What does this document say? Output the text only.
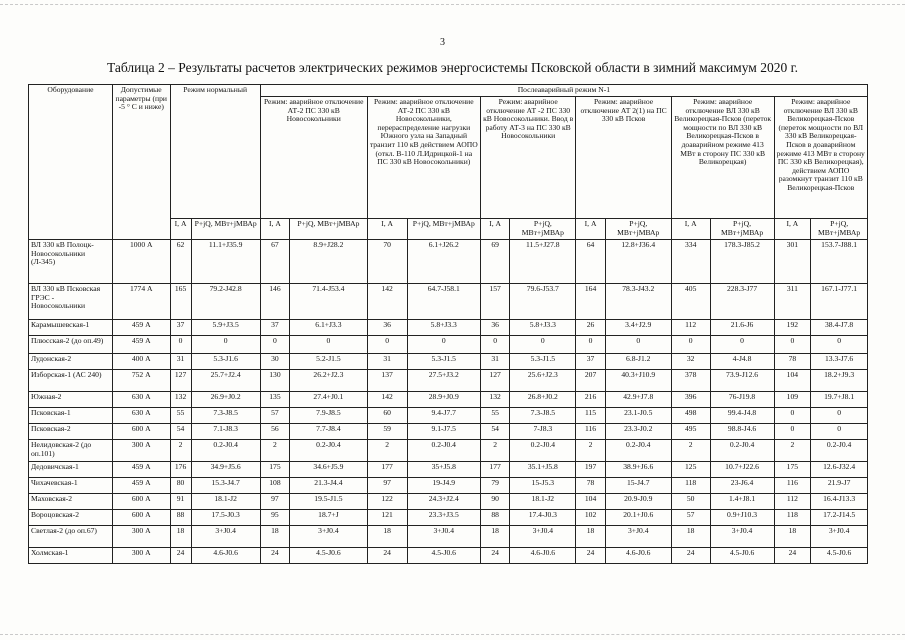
3
Таблица 2 – Результаты расчетов электрических режимов энергосистемы Псковской области в зимний максимум 2020 г.
Оборудование	Допустимые параметры (при -5 ° С и ниже)	Режим нормальный		Послеаварийный режим N-1											
				Режим: аварийное отключение АТ-2 ПС 330 кВ Новосокольники		Режим: аварийное отключение АТ-2 ПС 330 кВ Новосокольники, перераспределение нагрузки Южного узла на Западный транзит 110 кВ действием АОПО (откл. В-110 Л.Идрицкой-1 на ПС 330 кВ Новосокольники)		Режим: аварийное отключение АТ -2 ПС 330 кВ Новосокольники. Ввод в работу АТ-3 на ПС 330 кВ Новосокольники		Режим: аварийное отключение АТ 2(1) на ПС 330 кВ Псков		Режим: аварийное отключение ВЛ 330 кВ Великорецкая-Псков (переток мощности по ВЛ 330 кВ Великорецкая-Псков в доаварийном режиме 413 МВт в сторону ПС 330 кВ Великорецкая)		Режим: аварийное отключение ВЛ 330 кВ Великорецкая-Псков (переток мощности по ВЛ 330 кВ Великорецкая-Псков в доаварийном режиме 413 МВт в сторону ПС 330 кВ Великорецкая), действием АОПО разомкнут транзит 110 кВ Великорецкая-Псков	
		I, А	P+jQ, МВт+jМВАр	I, А	P+jQ, МВт+jМВАр	I, А	P+jQ, МВт+jМВАр	I, А	P+jQ, МВт+jМВАр	I, А	P+jQ, МВт+jМВАр	I, А	P+jQ, МВт+jМВАр	I, А	P+jQ, МВт+jМВАр
ВЛ 330 кВ Полоцк-Новосокольники (Л-345)	1000 А	62	11.1+J35.9	67	8.9+J28.2	70	6.1+J26.2	69	11.5+J27.8	64	12.8+J36.4	334	178.3-J85.2	301	153.7-J88.1
ВЛ 330 кВ Псковская ГРЭС - Новосокольники	1774 А	165	79.2-J42.8	146	71.4-J53.4	142	64.7-J58.1	157	79.6-J53.7	164	78.3-J43.2	405	228.3-J77	311	167.1-J77.1
Карамышевская-1	459 А	37	5.9+J3.5	37	6.1+J3.3	36	5.8+J3.3	36	5.8+J3.3	26	3.4+J2.9	112	21.6-J6	192	38.4-J7.8
Плюсская-2 (до оп.49)	459 А	0	0	0	0	0	0	0	0	0	0	0	0	0	0
Лудонская-2	400 А	31	5.3-J1.6	30	5.2-J1.5	31	5.3-J1.5	31	5.3-J1.5	37	6.8-J1.2	32	4-J4.8	78	13.3-J7.6
Изборская-1 (АС 240)	752 А	127	25.7+J2.4	130	26.2+J2.3	137	27.5+J3.2	127	25.6+J2.3	207	40.3+J10.9	378	73.9-J12.6	104	18.2+J9.3
Южная-2	630 А	132	26.9+J0.2	135	27.4+J0.1	142	28.9+J0.9	132	26.8+J0.2	216	42.9+J7.8	396	76-J19.8	109	19.7+J8.1
Псковская-1	630 А	55	7.3-J8.5	57	7.9-J8.5	60	9.4-J7.7	55	7.3-J8.5	115	23.1-J0.5	498	99.4-J4.8	0	0
Псковская-2	600 А	54	7.1-J8.3	56	7.7-J8.4	59	9.1-J7.5	54	7-J8.3	116	23.3-J0.2	495	98.8-J4.6	0	0
Нелидовская-2 (до оп.101)	300 А	2	0.2-J0.4	2	0.2-J0.4	2	0.2-J0.4	2	0.2-J0.4	2	0.2-J0.4	2	0.2-J0.4	2	0.2-J0.4
Дедовичская-1	459 А	176	34.9+J5.6	175	34.6+J5.9	177	35+J5.8	177	35.1+J5.8	197	38.9+J6.6	125	10.7+J22.6	175	12.6-J32.4
Чихачевская-1	459 А	80	15.3-J4.7	108	21.3-J4.4	97	19-J4.9	79	15-J5.3	78	15-J4.7	118	23-J6.4	116	21.9-J7
Маховская-2	600 А	91	18.1-J2	97	19.5-J1.5	122	24.3+J2.4	90	18.1-J2	104	20.9-J0.9	50	1.4+J8.1	112	16.4-J13.3
Вороцовская-2	600 А	88	17.5-J0.3	95	18.7+J	121	23.3+J3.5	88	17.4-J0.3	102	20.1+J0.6	57	0.9+J10.3	118	17.2-J14.5
Светлая-2 (до оп.67)	300 А	18	3+J0.4	18	3+J0.4	18	3+J0.4	18	3+J0.4	18	3+J0.4	18	3+J0.4	18	3+J0.4
Холмская-1	300 А	24	4.6-J0.6	24	4.5-J0.6	24	4.5-J0.6	24	4.6-J0.6	24	4.6-J0.6	24	4.5-J0.6	24	4.5-J0.6
